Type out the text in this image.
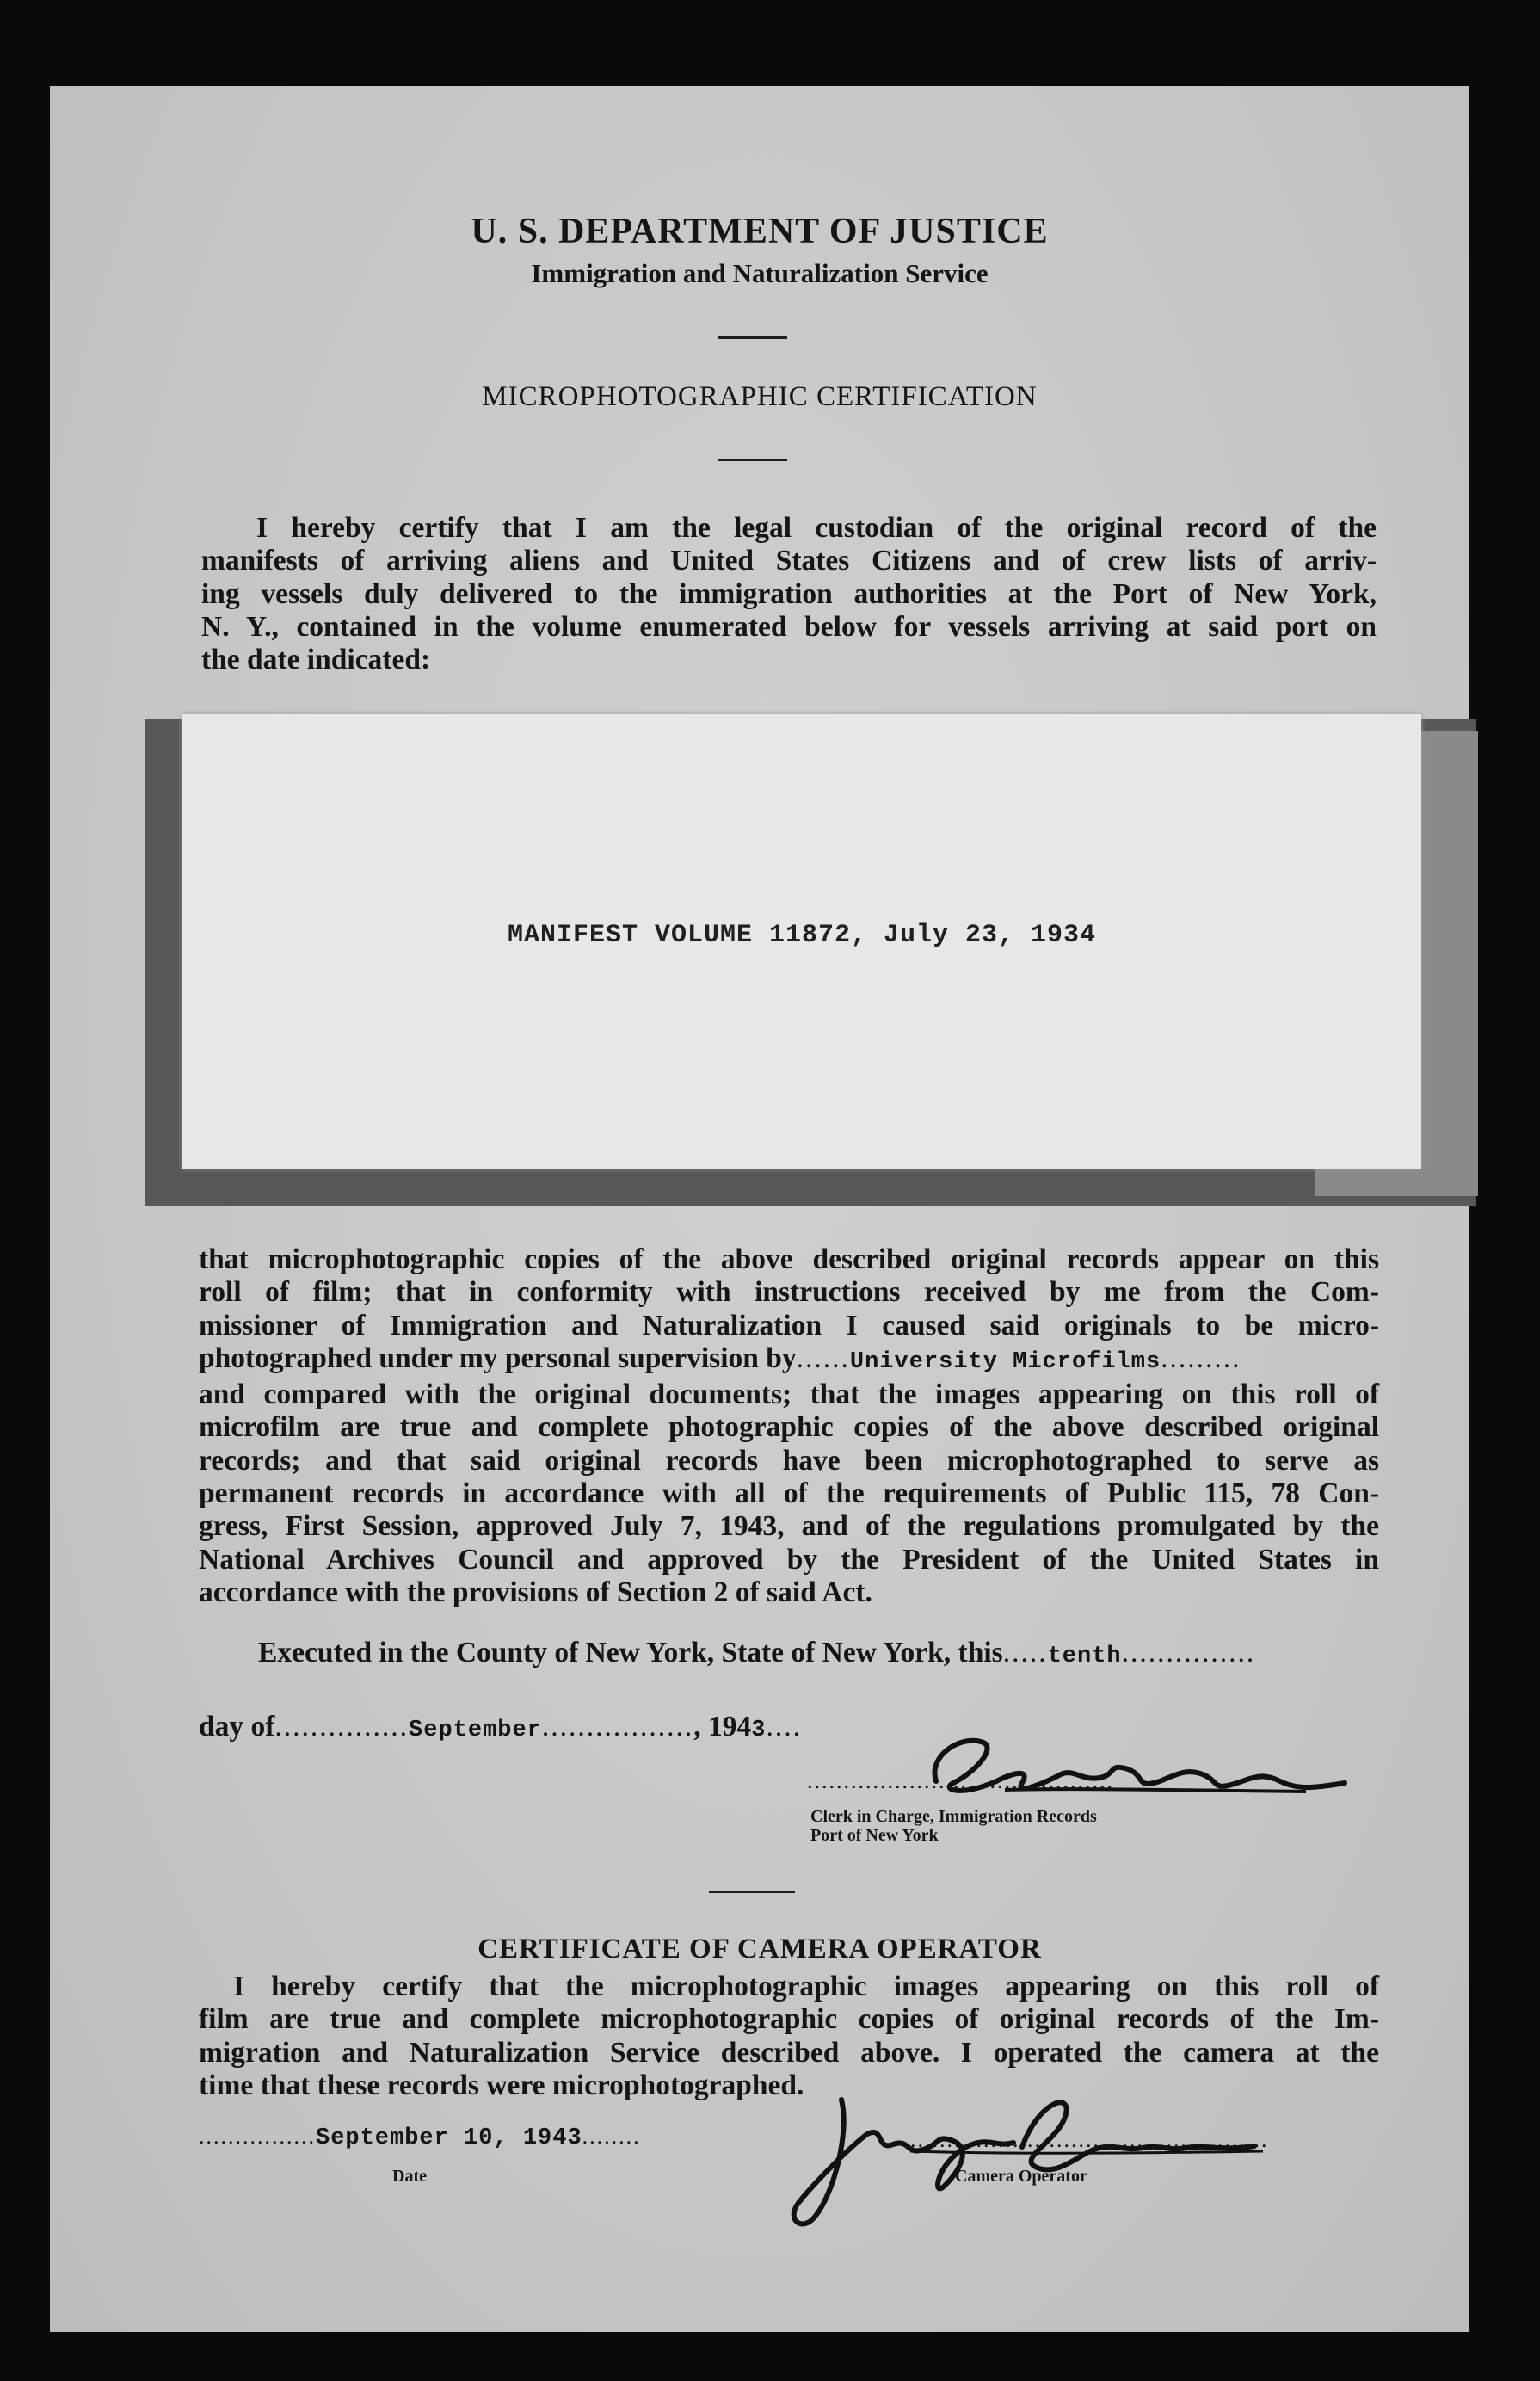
U. S. DEPARTMENT OF JUSTICE
Immigration and Naturalization Service
MICROPHOTOGRAPHIC CERTIFICATION
I hereby certify that I am the legal custodian of the original record of the
manifests of arriving aliens and United States Citizens and of crew lists of arriv-
ing vessels duly delivered to the immigration authorities at the Port of New York,
N. Y., contained in the volume enumerated below for vessels arriving at said port on
the date indicated:
MANIFEST VOLUME 11872, July 23, 1934
that microphotographic copies of the above described original records appear on this
roll of film; that in conformity with instructions received by me from the Com-
missioner of Immigration and Naturalization I caused said originals to be micro-
photographed under my personal supervision by......University Microfilms.........
and compared with the original documents; that the images appearing on this roll of
microfilm are true and complete photographic copies of the above described original
records; and that said original records have been microphotographed to serve as
permanent records in accordance with all of the requirements of Public 115, 78 Con-
gress, First Session, approved July 7, 1943, and of the regulations promulgated by the
National Archives Council and approved by the President of the United States in
accordance with the provisions of Section 2 of said Act.
Executed in the County of New York, State of New York, this.....tenth...............
day of...............September................., 1943....
..........................................
Clerk in Charge, Immigration Records
Port of New York
CERTIFICATE OF CAMERA OPERATOR
I hereby certify that the microphotographic images appearing on this roll of
film are true and complete microphotographic copies of original records of the Im-
migration and Naturalization Service described above. I operated the camera at the
time that these records were microphotographed.
................September 10, 1943........
Date
.................................................
Camera Operator
